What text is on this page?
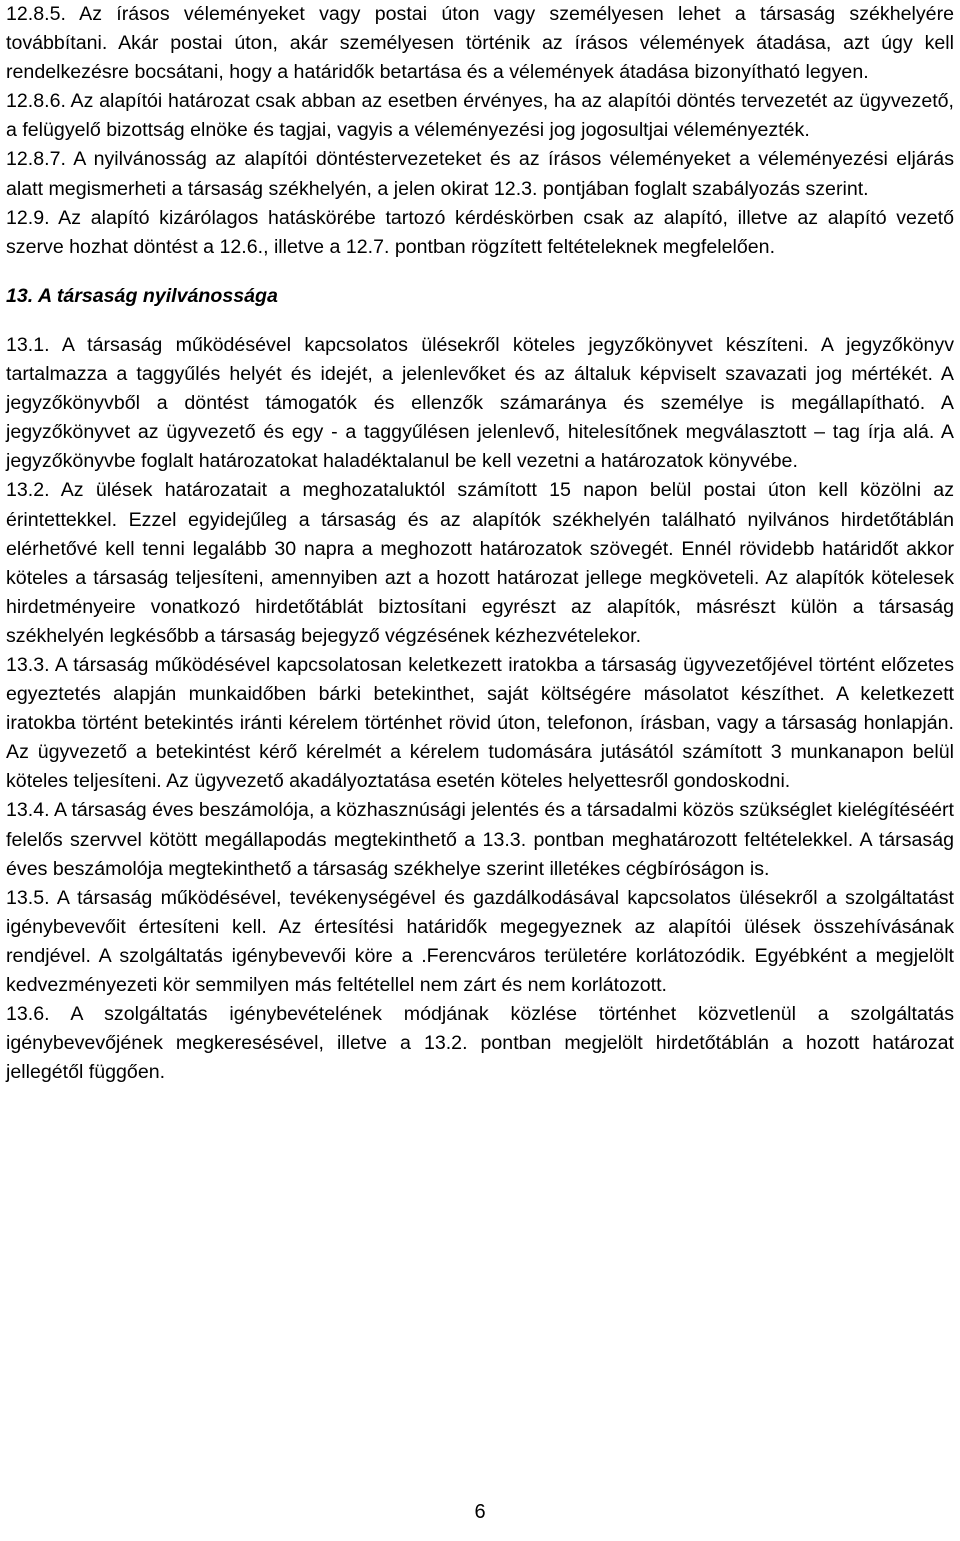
12.8.5. Az írásos véleményeket vagy postai úton vagy személyesen lehet a társaság székhelyére továbbítani. Akár postai úton, akár személyesen történik az írásos vélemények átadása, azt úgy kell rendelkezésre bocsátani, hogy a határidők betartása és a vélemények átadása bizonyítható legyen.

12.8.6. Az alapítói határozat csak abban az esetben érvényes, ha az alapítói döntés tervezetét az ügyvezető, a felügyelő bizottság elnöke és tagjai, vagyis a véleményezési jog jogosultjai véleményezték.

12.8.7. A nyilvánosság az alapítói döntéstervezeteket és az írásos véleményeket a véleményezési eljárás alatt megismerheti a társaság székhelyén, a jelen okirat 12.3. pontjában foglalt szabályozás szerint.

12.9. Az alapító kizárólagos hatáskörébe tartozó kérdéskörben csak az alapító, illetve az alapító vezető szerve hozhat döntést a 12.6., illetve a 12.7. pontban rögzített feltételeknek megfelelően.

13. A társaság nyilvánossága

13.1. A társaság működésével kapcsolatos ülésekről köteles jegyzőkönyvet készíteni. A jegyzőkönyv tartalmazza a taggyűlés helyét és idejét, a jelenlevőket és az általuk képviselt szavazati jog mértékét. A jegyzőkönyvből a döntést támogatók és ellenzők számaránya és személye is megállapítható. A jegyzőkönyvet az ügyvezető és egy - a taggyűlésen jelenlevő, hitelesítőnek megválasztott – tag írja alá. A jegyzőkönyvbe foglalt határozatokat haladéktalanul be kell vezetni a határozatok könyvébe.

13.2. Az ülések határozatait a meghozataluktól számított 15 napon belül postai úton kell közölni az érintettekkel. Ezzel egyidejűleg a társaság és az alapítók székhelyén található nyilvános hirdetőtáblán elérhetővé kell tenni legalább 30 napra a meghozott határozatok szövegét. Ennél rövidebb határidőt akkor köteles a társaság teljesíteni, amennyiben azt a hozott határozat jellege megköveteli. Az alapítók kötelesek hirdetményeire vonatkozó hirdetőtáblát biztosítani egyrészt az alapítók, másrészt külön a társaság székhelyén legkésőbb a társaság bejegyző végzésének kézhezvételekor.

13.3. A társaság működésével kapcsolatosan keletkezett iratokba a társaság ügyvezetőjével történt előzetes egyeztetés alapján munkaidőben bárki betekinthet, saját költségére másolatot készíthet. A keletkezett iratokba történt betekintés iránti kérelem történhet rövid úton, telefonon, írásban, vagy a társaság honlapján. Az ügyvezető a betekintést kérő kérelmét a kérelem tudomására jutásától számított 3 munkanapon belül köteles teljesíteni. Az ügyvezető akadályoztatása esetén köteles helyettesről gondoskodni.

13.4. A társaság éves beszámolója, a közhasznúsági jelentés és a társadalmi közös szükséglet kielégítéséért felelős szervvel kötött megállapodás megtekinthető a 13.3. pontban meghatározott feltételekkel. A társaság éves beszámolója megtekinthető a társaság székhelye szerint illetékes cégbíróságon is.

13.5. A társaság működésével, tevékenységével és gazdálkodásával kapcsolatos ülésekről a szolgáltatást igénybevevőit értesíteni kell. Az értesítési határidők megegyeznek az alapítói ülések összehívásának rendjével. A szolgáltatás igénybevevői köre a .Ferencváros területére korlátozódik. Egyébként a megjelölt kedvezményezeti kör semmilyen más feltétellel nem zárt és nem korlátozott.

13.6. A szolgáltatás igénybevételének módjának közlése történhet közvetlenül a szolgáltatás igénybevevőjének megkeresésével, illetve a 13.2. pontban megjelölt hirdetőtáblán a hozott határozat jellegétől függően.

6
